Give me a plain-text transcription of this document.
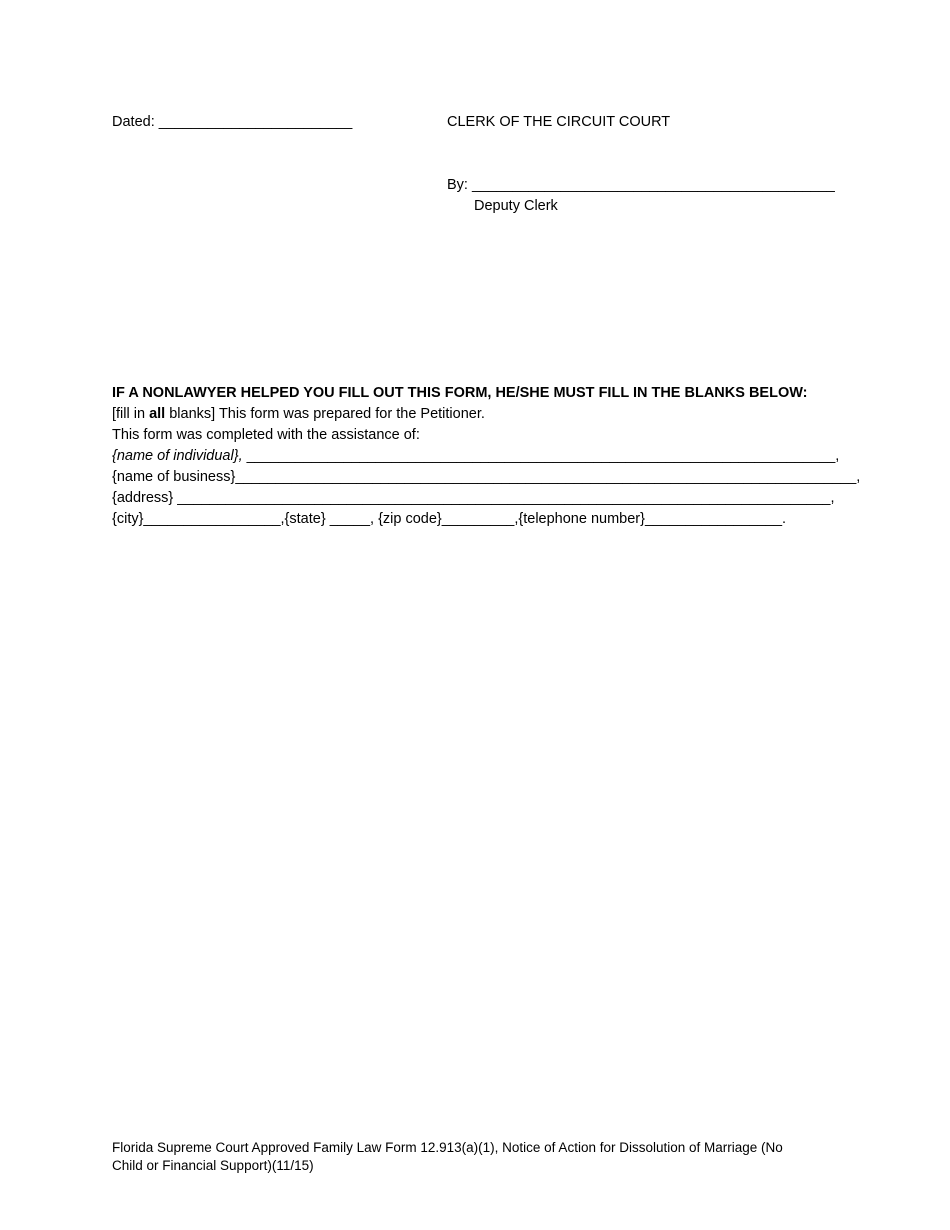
Dated: ________________________	CLERK OF THE CIRCUIT COURT
By: _____________________________________________
Deputy Clerk
IF A NONLAWYER HELPED YOU FILL OUT THIS FORM, HE/SHE MUST FILL IN THE BLANKS BELOW:
[fill in all blanks] This form was prepared for the Petitioner.
This form was completed with the assistance of:
{name of individual}, _________________________________________________________________________,
{name of business}_____________________________________________________________________________,
{address} _________________________________________________________________________________,
{city}_________________,{state} _____, {zip code}_________,{telephone number}_________________.
Florida Supreme Court Approved Family Law Form 12.913(a)(1), Notice of Action for Dissolution of Marriage (No
Child or Financial Support)(11/15)
